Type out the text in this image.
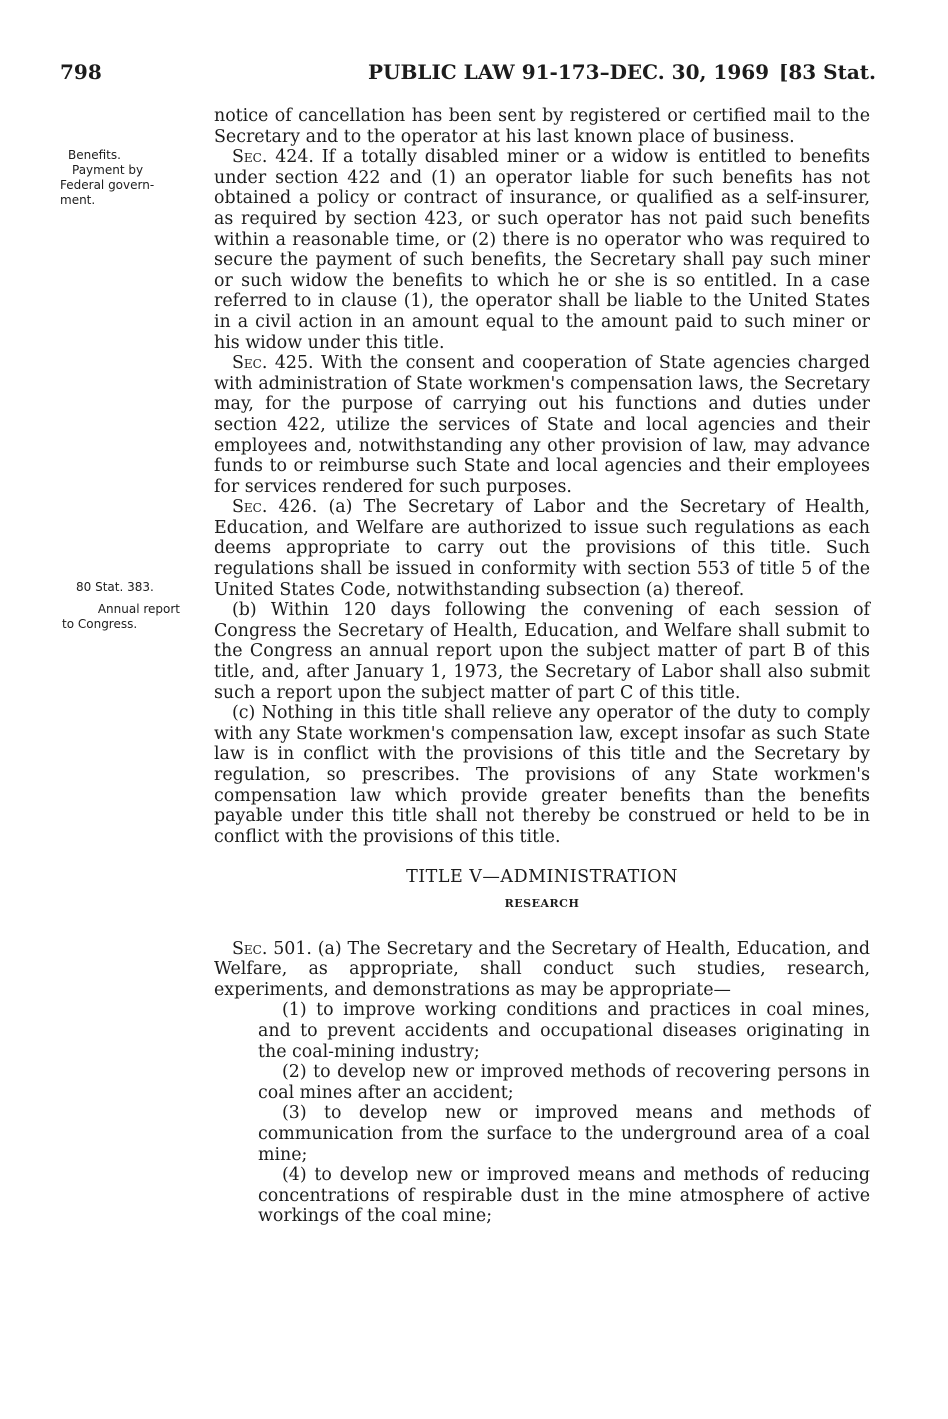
798	PUBLIC LAW 91-173–DEC. 30, 1969 [83 Stat.
Benefits.
Payment by
Federal govern-
ment.
80 Stat. 383.
Annual report
to Congress.

notice of cancellation has been sent by registered or certified mail to the Secretary and to the operator at his last known place of business.

Sec. 424. If a totally disabled miner or a widow is entitled to benefits under section 422 and (1) an operator liable for such benefits has not obtained a policy or contract of insurance, or qualified as a self-insurer, as required by section 423, or such operator has not paid such benefits within a reasonable time, or (2) there is no operator who was required to secure the payment of such benefits, the Secretary shall pay such miner or such widow the benefits to which he or she is so entitled. In a case referred to in clause (1), the operator shall be liable to the United States in a civil action in an amount equal to the amount paid to such miner or his widow under this title.

Sec. 425. With the consent and cooperation of State agencies charged with administration of State workmen's compensation laws, the Secretary may, for the purpose of carrying out his functions and duties under section 422, utilize the services of State and local agencies and their employees and, notwithstanding any other provision of law, may advance funds to or reimburse such State and local agencies and their employees for services rendered for such purposes.

Sec. 426. (a) The Secretary of Labor and the Secretary of Health, Education, and Welfare are authorized to issue such regulations as each deems appropriate to carry out the provisions of this title. Such regulations shall be issued in conformity with section 553 of title 5 of the United States Code, notwithstanding subsection (a) thereof.

(b) Within 120 days following the convening of each session of Congress the Secretary of Health, Education, and Welfare shall submit to the Congress an annual report upon the subject matter of part B of this title, and, after January 1, 1973, the Secretary of Labor shall also submit such a report upon the subject matter of part C of this title.

(c) Nothing in this title shall relieve any operator of the duty to comply with any State workmen's compensation law, except insofar as such State law is in conflict with the provisions of this title and the Secretary by regulation, so prescribes. The provisions of any State workmen's compensation law which provide greater benefits than the benefits payable under this title shall not thereby be construed or held to be in conflict with the provisions of this title.

TITLE V—ADMINISTRATION

RESEARCH

Sec. 501. (a) The Secretary and the Secretary of Health, Education, and Welfare, as appropriate, shall conduct such studies, research, experiments, and demonstrations as may be appropriate—

(1) to improve working conditions and practices in coal mines, and to prevent accidents and occupational diseases originating in the coal-mining industry;

(2) to develop new or improved methods of recovering persons in coal mines after an accident;

(3) to develop new or improved means and methods of communication from the surface to the underground area of a coal mine;

(4) to develop new or improved means and methods of reducing concentrations of respirable dust in the mine atmosphere of active workings of the coal mine;
